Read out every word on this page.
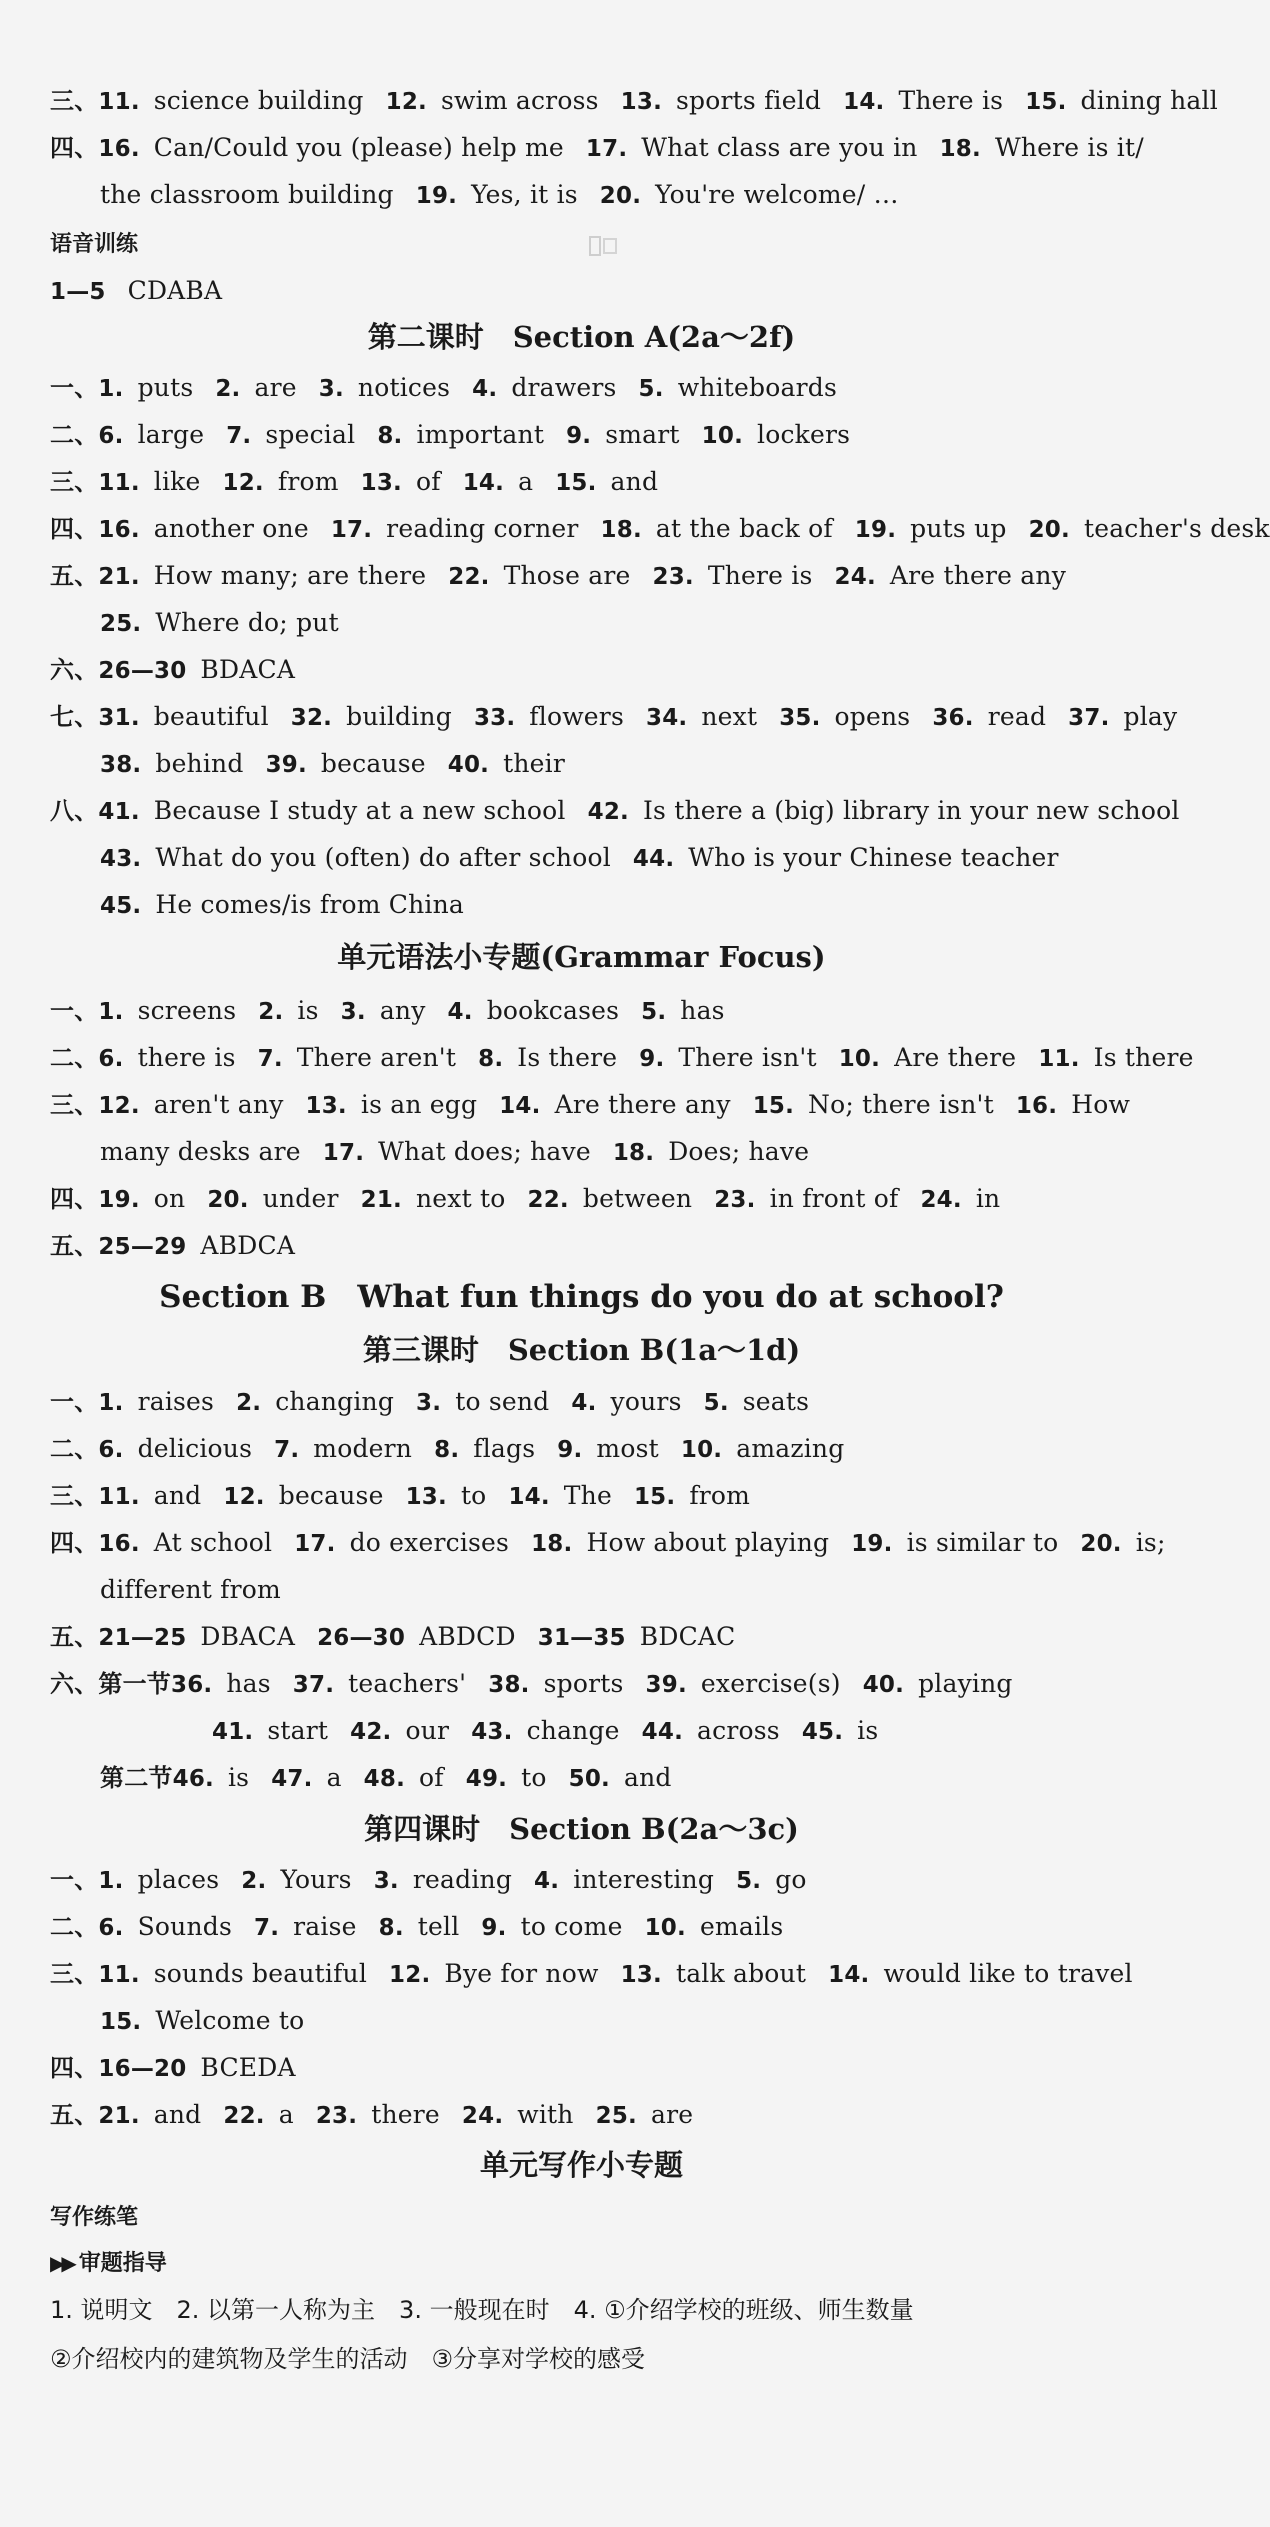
三、11. science building 12. swim across 13. sports field 14. There is 15. dining hall
四、16. Can/Could you (please) help me 17. What class are you in 18. Where is it/
the classroom building 19. Yes, it is 20. You're welcome/ …
语音训练
1—5 CDABA
第二课时　Section A(2a～2f)
一、1. puts 2. are 3. notices 4. drawers 5. whiteboards
二、6. large 7. special 8. important 9. smart 10. lockers
三、11. like 12. from 13. of 14. a 15. and
四、16. another one 17. reading corner 18. at the back of 19. puts up 20. teacher's desk
五、21. How many; are there 22. Those are 23. There is 24. Are there any
25. Where do; put
六、26—30 BDACA
七、31. beautiful 32. building 33. flowers 34. next 35. opens 36. read 37. play
38. behind 39. because 40. their
八、41. Because I study at a new school 42. Is there a (big) library in your new school
43. What do you (often) do after school 44. Who is your Chinese teacher
45. He comes/is from China
单元语法小专题(Grammar Focus)
一、1. screens 2. is 3. any 4. bookcases 5. has
二、6. there is 7. There aren't 8. Is there 9. There isn't 10. Are there 11. Is there
三、12. aren't any 13. is an egg 14. Are there any 15. No; there isn't 16. How
many desks are 17. What does; have 18. Does; have
四、19. on 20. under 21. next to 22. between 23. in front of 24. in
五、25—29 ABDCA
Section B　What fun things do you do at school?
第三课时　Section B(1a～1d)
一、1. raises 2. changing 3. to send 4. yours 5. seats
二、6. delicious 7. modern 8. flags 9. most 10. amazing
三、11. and 12. because 13. to 14. The 15. from
四、16. At school 17. do exercises 18. How about playing 19. is similar to 20. is;
different from
五、21—25 DBACA 26—30 ABDCD 31—35 BDCAC
六、第一节36. has 37. teachers' 38. sports 39. exercise(s) 40. playing
41. start 42. our 43. change 44. across 45. is
第二节46. is 47. a 48. of 49. to 50. and
第四课时　Section B(2a～3c)
一、1. places 2. Yours 3. reading 4. interesting 5. go
二、6. Sounds 7. raise 8. tell 9. to come 10. emails
三、11. sounds beautiful 12. Bye for now 13. talk about 14. would like to travel
15. Welcome to
四、16—20 BCEDA
五、21. and 22. a 23. there 24. with 25. are
单元写作小专题
写作练笔
▶▶ 审题指导
1. 说明文　2. 以第一人称为主　3. 一般现在时　4. ①介绍学校的班级、师生数量
②介绍校内的建筑物及学生的活动　③分享对学校的感受
